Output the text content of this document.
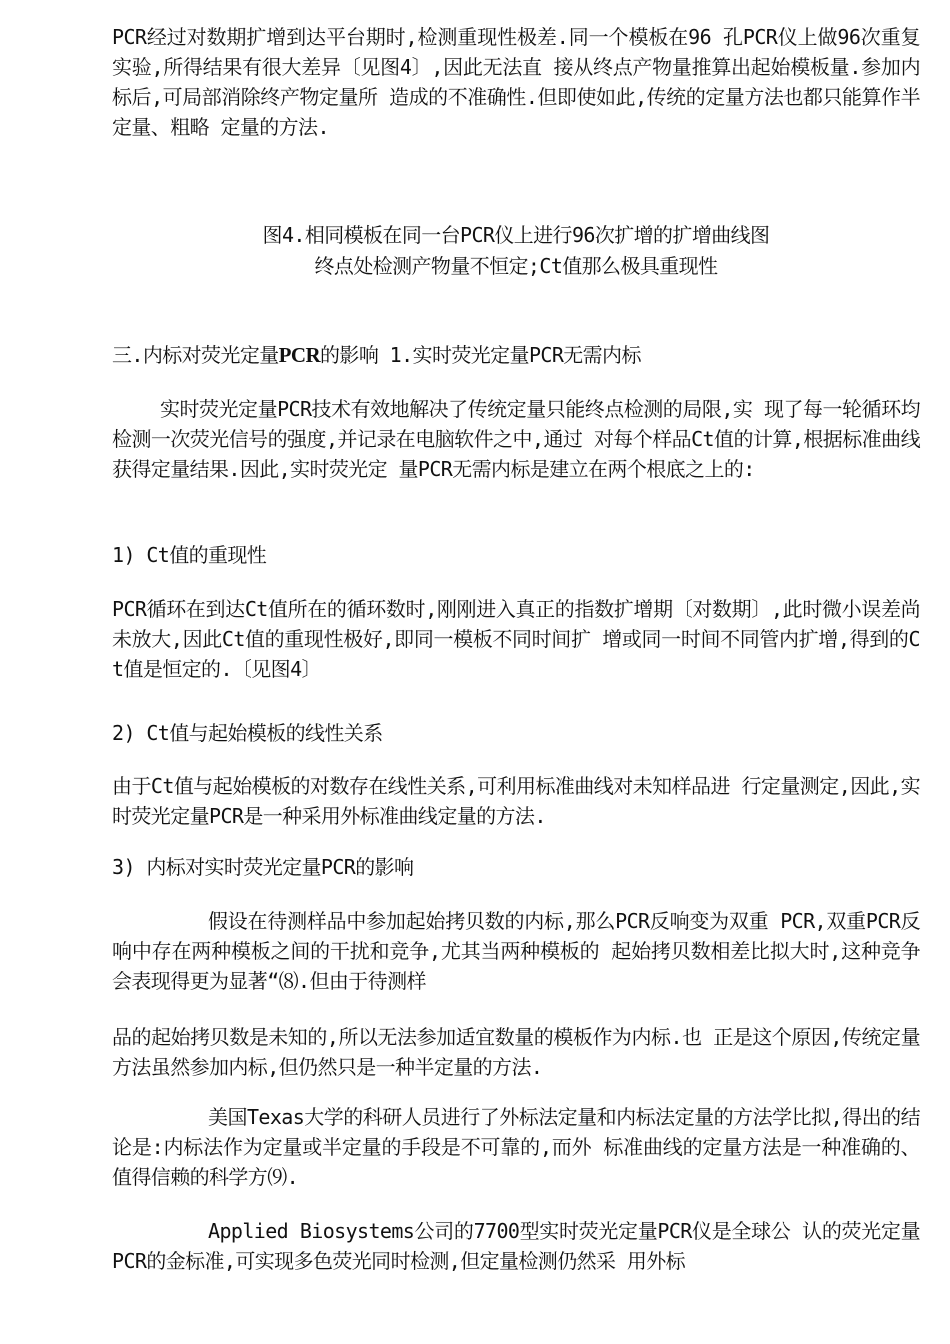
PCR经过对数期扩增到达平台期时,检测重现性极差.同一个模板在96 孔PCR仪上做96次重复实验,所得结果有很大差异〔见图4〕,因此无法直 接从终点产物量推算出起始模板量.参加内标后,可局部消除终产物定量所 造成的不准确性.但即使如此,传统的定量方法也都只能算作半定量、粗略 定量的方法.

图4.相同模板在同一台PCR仪上进行96次扩增的扩增曲线图

终点处检测产物量不恒定;Ct值那么极具重现性

三.内标对荧光定量PCR的影响 1.实时荧光定量PCR无需内标

实时荧光定量PCR技术有效地解决了传统定量只能终点检测的局限,实 现了每一轮循环均检测一次荧光信号的强度,并记录在电脑软件之中,通过 对每个样品Ct值的计算,根据标准曲线获得定量结果.因此,实时荧光定 量PCR无需内标是建立在两个根底之上的:

1) Ct值的重现性

PCR循环在到达Ct值所在的循环数时,刚刚进入真正的指数扩增期〔对数期〕,此时微小误差尚未放大,因此Ct值的重现性极好,即同一模板不同时间扩 增或同一时间不同管内扩增,得到的Ct值是恒定的.〔见图4〕

2) Ct值与起始模板的线性关系

由于Ct值与起始模板的对数存在线性关系,可利用标准曲线对未知样品进 行定量测定,因此,实时荧光定量PCR是一种采用外标准曲线定量的方法.

3) 内标对实时荧光定量PCR的影响

假设在待测样品中参加起始拷贝数的内标,那么PCR反响变为双重 PCR,双重PCR反响中存在两种模板之间的干扰和竞争,尤其当两种模板的 起始拷贝数相差比拟大时,这种竞争会表现得更为显著“⑻.但由于待测样

品的起始拷贝数是未知的,所以无法参加适宜数量的模板作为内标.也 正是这个原因,传统定量方法虽然参加内标,但仍然只是一种半定量的方法.

美国Texas大学的科研人员进行了外标法定量和内标法定量的方法学比拟,得出的结论是:内标法作为定量或半定量的手段是不可靠的,而外 标准曲线的定量方法是一种准确的、值得信赖的科学方⑼.

Applied Biosystems公司的7700型实时荧光定量PCR仪是全球公 认的荧光定量PCR的金标准,可实现多色荧光同时检测,但定量检测仍然采 用外标
